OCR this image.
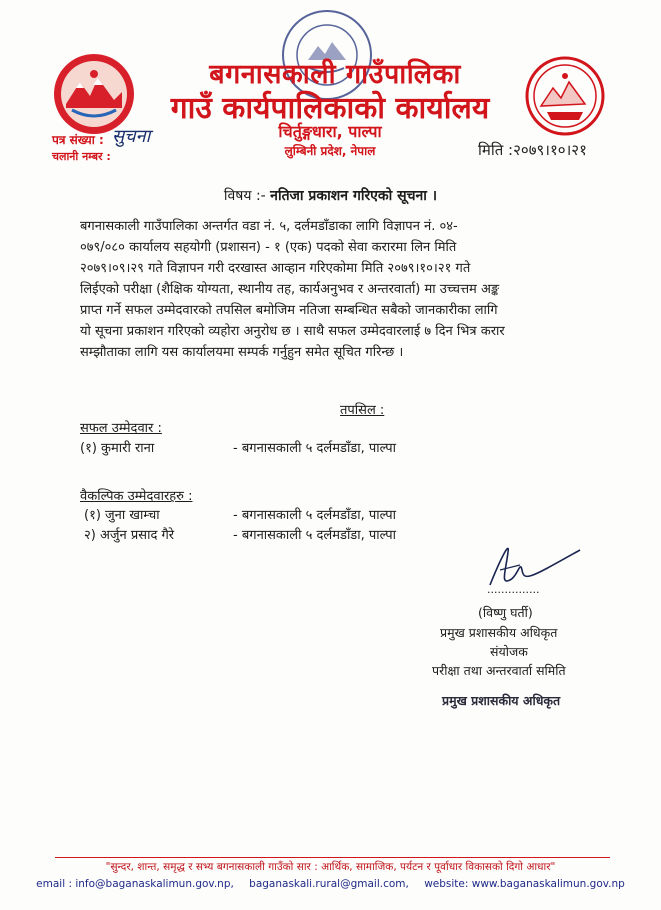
बगनासकाली गाउँपालिका
गाउँ कार्यपालिकाको कार्यालय
चिर्तुङ्गधारा, पाल्पा
लुम्बिनी प्रदेश, नेपाल
पत्र संख्या : सुचना
चलानी नम्बर :	मिति :२०७९।१०।२१
विषय :- नतिजा प्रकाशन गरिएको सूचना ।
बगनासकाली गाउँपालिका अन्तर्गत वडा नं. ५, दर्लमडाँडाका लागि विज्ञापन नं. ०४-
०७९/०८० कार्यालय सहयोगी (प्रशासन) - १ (एक) पदको सेवा करारमा लिन मिति
२०७९।०९।२९ गते विज्ञापन गरी दरखास्त आव्हान गरिएकोमा मिति २०७९।१०।२१ गते
लिईएको परीक्षा (शैक्षिक योग्यता, स्थानीय तह, कार्यअनुभव र अन्तरवार्ता) मा उच्चत्तम अङ्क
प्राप्त गर्ने सफल उम्मेदवारको तपसिल बमोजिम नतिजा सम्बन्धित सबैको जानकारीका लागि
यो सूचना प्रकाशन गरिएको व्यहोरा अनुरोध छ । साथै सफल उम्मेदवारलाई ७ दिन भित्र करार
सम्झौताका लागि यस कार्यालयमा सम्पर्क गर्नुहुन समेत सूचित गरिन्छ ।
तपसिल :
सफल उम्मेदवार :
(१) कुमारी राना	- बगनासकाली ५ दर्लमडाँडा, पाल्पा
वैकल्पिक उम्मेदवारहरु :
(१) जुना खाम्चा	- बगनासकाली ५ दर्लमडाँडा, पाल्पा
२) अर्जुन प्रसाद गैरे	- बगनासकाली ५ दर्लमडाँडा, पाल्पा
...............
(विष्णु घर्ती)
प्रमुख प्रशासकीय अधिकृत
संयोजक
परीक्षा तथा अन्तरवार्ता समिति
प्रमुख प्रशासकीय अधिकृत
"सुन्दर, शान्त, समृद्ध र सभ्य बगनासकाली गाउँको सार : आर्थिक, सामाजिक, पर्यटन र पूर्वाधार विकासको दिगो आधार"
email : info@baganaskalimun.gov.np, baganaskali.rural@gmail.com, website: www.baganaskalimun.gov.np
